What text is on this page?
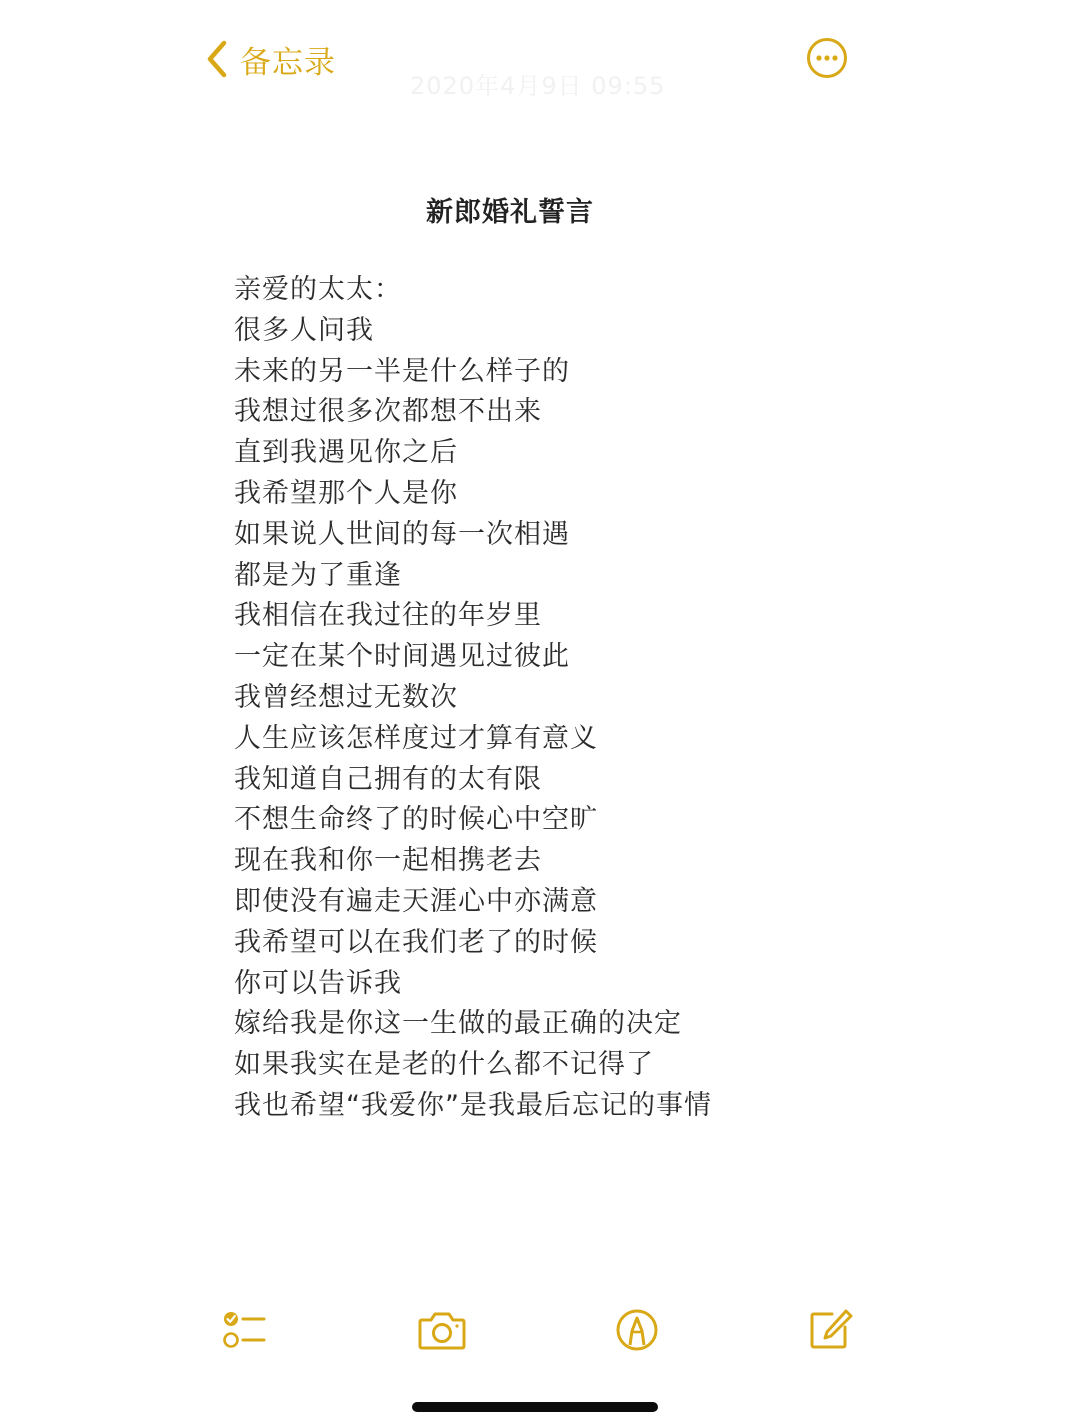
备忘录
2020年4月9日 09:55
新郎婚礼誓言
亲爱的太太：
很多人问我
未来的另一半是什么样子的
我想过很多次都想不出来
直到我遇见你之后
我希望那个人是你
如果说人世间的每一次相遇
都是为了重逢
我相信在我过往的年岁里
一定在某个时间遇见过彼此
我曾经想过无数次
人生应该怎样度过才算有意义
我知道自己拥有的太有限
不想生命终了的时候心中空旷
现在我和你一起相携老去
即使没有遍走天涯心中亦满意
我希望可以在我们老了的时候
你可以告诉我
嫁给我是你这一生做的最正确的决定
如果我实在是老的什么都不记得了
我也希望“我爱你”是我最后忘记的事情
